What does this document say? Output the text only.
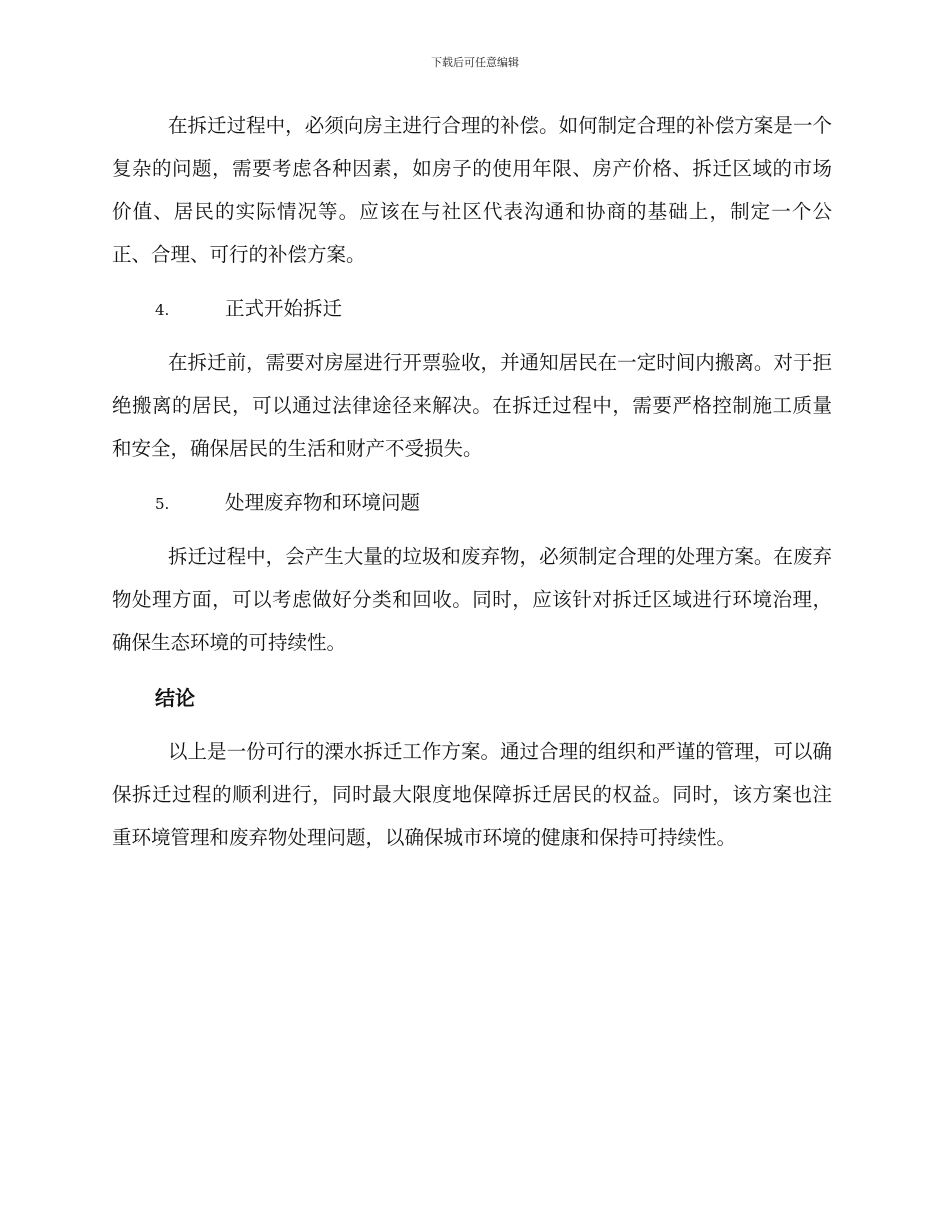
下载后可任意编辑
在拆迁过程中，必须向房主进行合理的补偿。如何制定合理的补偿方案是一个复杂的问题，需要考虑各种因素，如房子的使用年限、房产价格、拆迁区域的市场价值、居民的实际情况等。应该在与社区代表沟通和协商的基础上，制定一个公正、合理、可行的补偿方案。
4.	正式开始拆迁
在拆迁前，需要对房屋进行开票验收，并通知居民在一定时间内搬离。对于拒绝搬离的居民，可以通过法律途径来解决。在拆迁过程中，需要严格控制施工质量和安全，确保居民的生活和财产不受损失。
5.	处理废弃物和环境问题
拆迁过程中，会产生大量的垃圾和废弃物，必须制定合理的处理方案。在废弃物处理方面，可以考虑做好分类和回收。同时，应该针对拆迁区域进行环境治理，确保生态环境的可持续性。
结论
以上是一份可行的溧水拆迁工作方案。通过合理的组织和严谨的管理，可以确保拆迁过程的顺利进行，同时最大限度地保障拆迁居民的权益。同时，该方案也注重环境管理和废弃物处理问题，以确保城市环境的健康和保持可持续性。
